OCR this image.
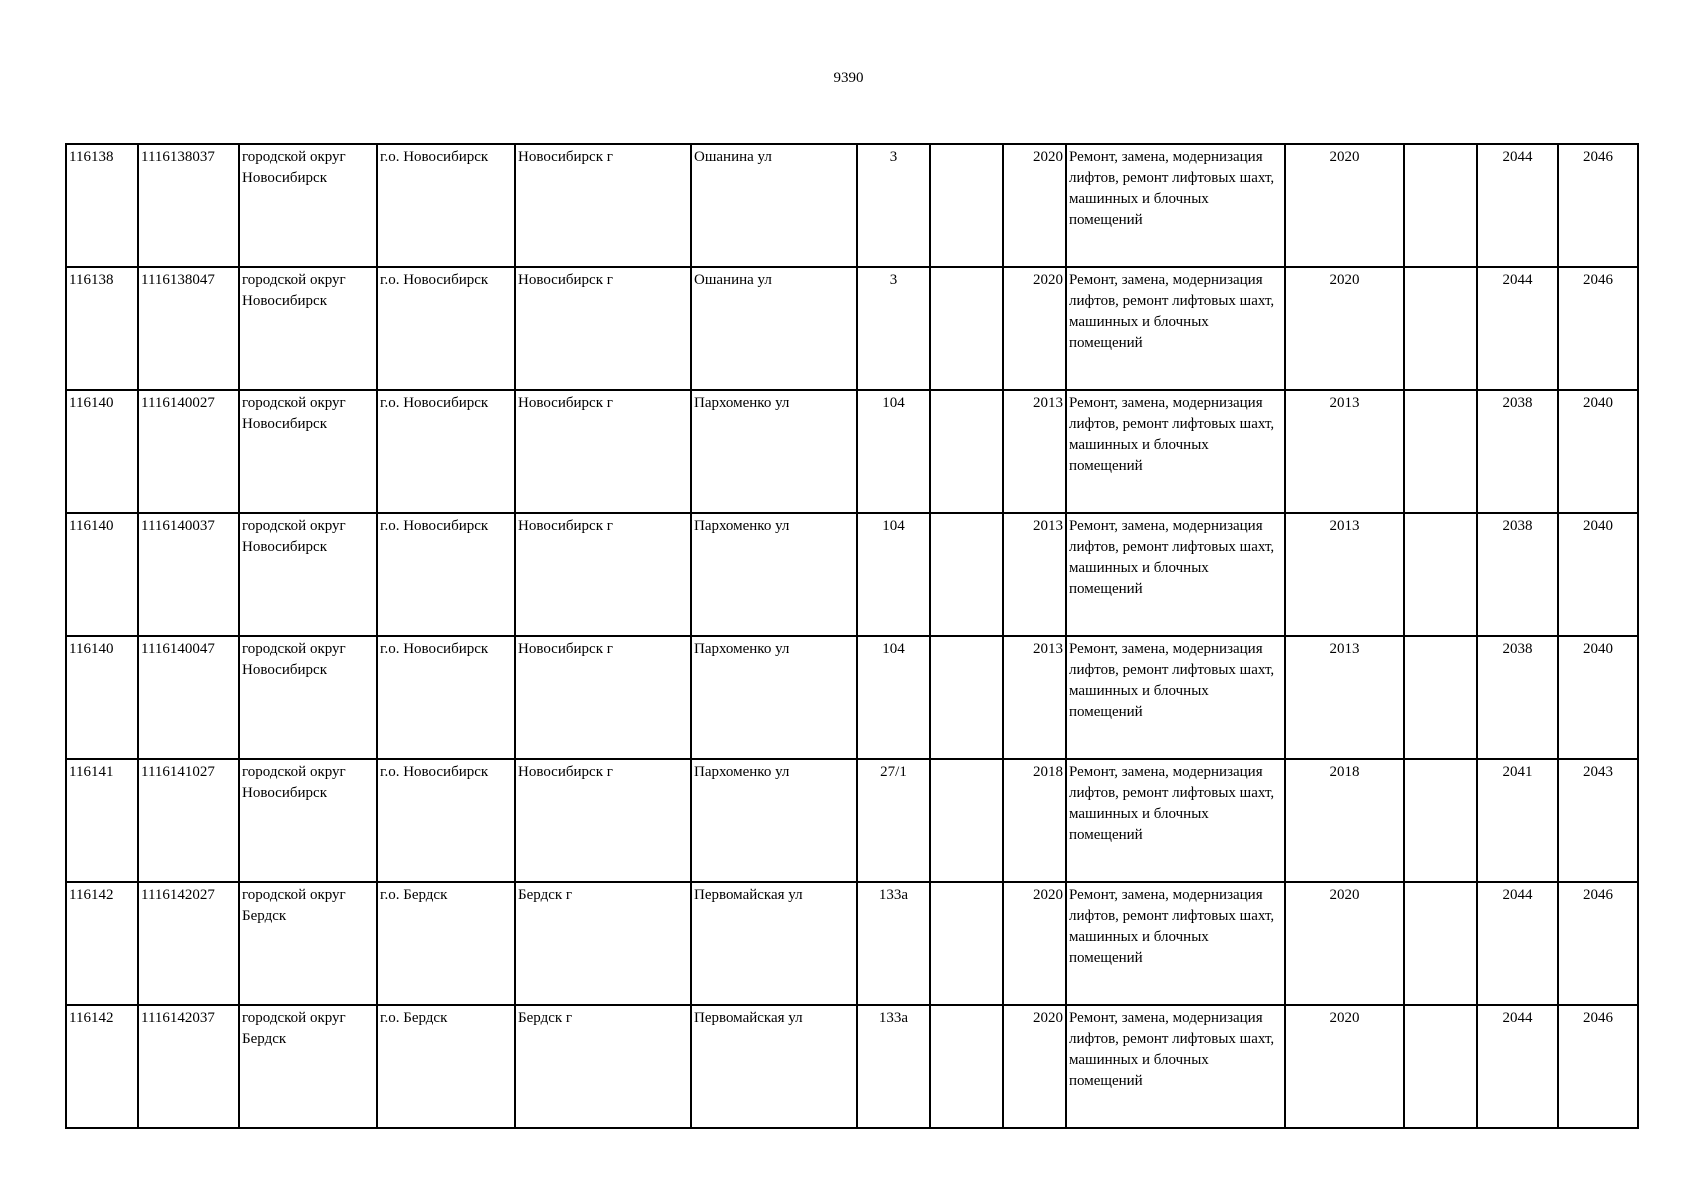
9390
116138	1116138037	городской округ Новосибирск	г.о. Новосибирск	Новосибирск г	Ошанина ул	3		2020	Ремонт, замена, модернизация лифтов, ремонт лифтовых шахт, машинных и блочных помещений	2020		2044	2046
116138	1116138047	городской округ Новосибирск	г.о. Новосибирск	Новосибирск г	Ошанина ул	3		2020	Ремонт, замена, модернизация лифтов, ремонт лифтовых шахт, машинных и блочных помещений	2020		2044	2046
116140	1116140027	городской округ Новосибирск	г.о. Новосибирск	Новосибирск г	Пархоменко ул	104		2013	Ремонт, замена, модернизация лифтов, ремонт лифтовых шахт, машинных и блочных помещений	2013		2038	2040
116140	1116140037	городской округ Новосибирск	г.о. Новосибирск	Новосибирск г	Пархоменко ул	104		2013	Ремонт, замена, модернизация лифтов, ремонт лифтовых шахт, машинных и блочных помещений	2013		2038	2040
116140	1116140047	городской округ Новосибирск	г.о. Новосибирск	Новосибирск г	Пархоменко ул	104		2013	Ремонт, замена, модернизация лифтов, ремонт лифтовых шахт, машинных и блочных помещений	2013		2038	2040
116141	1116141027	городской округ Новосибирск	г.о. Новосибирск	Новосибирск г	Пархоменко ул	27/1		2018	Ремонт, замена, модернизация лифтов, ремонт лифтовых шахт, машинных и блочных помещений	2018		2041	2043
116142	1116142027	городской округ Бердск	г.о. Бердск	Бердск г	Первомайская ул	133а		2020	Ремонт, замена, модернизация лифтов, ремонт лифтовых шахт, машинных и блочных помещений	2020		2044	2046
116142	1116142037	городской округ Бердск	г.о. Бердск	Бердск г	Первомайская ул	133а		2020	Ремонт, замена, модернизация лифтов, ремонт лифтовых шахт, машинных и блочных помещений	2020		2044	2046
